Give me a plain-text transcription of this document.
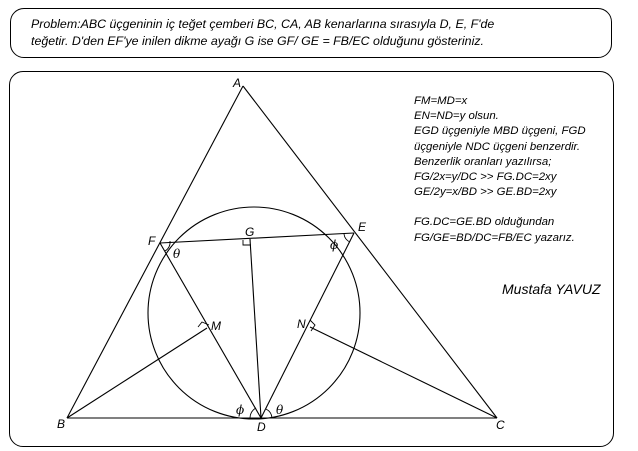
Problem:ABC üçgeninin iç teğet çemberi BC, CA, AB kenarlarına sırasıyla D, E, F'de
teğetir. D'den EF'ye inilen dikme ayağı G ise GF/ GE = FB/EC olduğunu gösteriniz.
A
B	C
D
E
F
G
M	N
θ
ϕ
ϕ	θ
FM=MD=x
EN=ND=y olsun.
EGD üçgeniyle MBD üçgeni, FGD
üçgeniyle NDC üçgeni benzerdir.
Benzerlik oranları yazılırsa;
FG/2x=y/DC >> FG.DC=2xy
GE/2y=x/BD >> GE.BD=2xy
FG.DC=GE.BD olduğundan
FG/GE=BD/DC=FB/EC yazarız.
Mustafa YAVUZ
